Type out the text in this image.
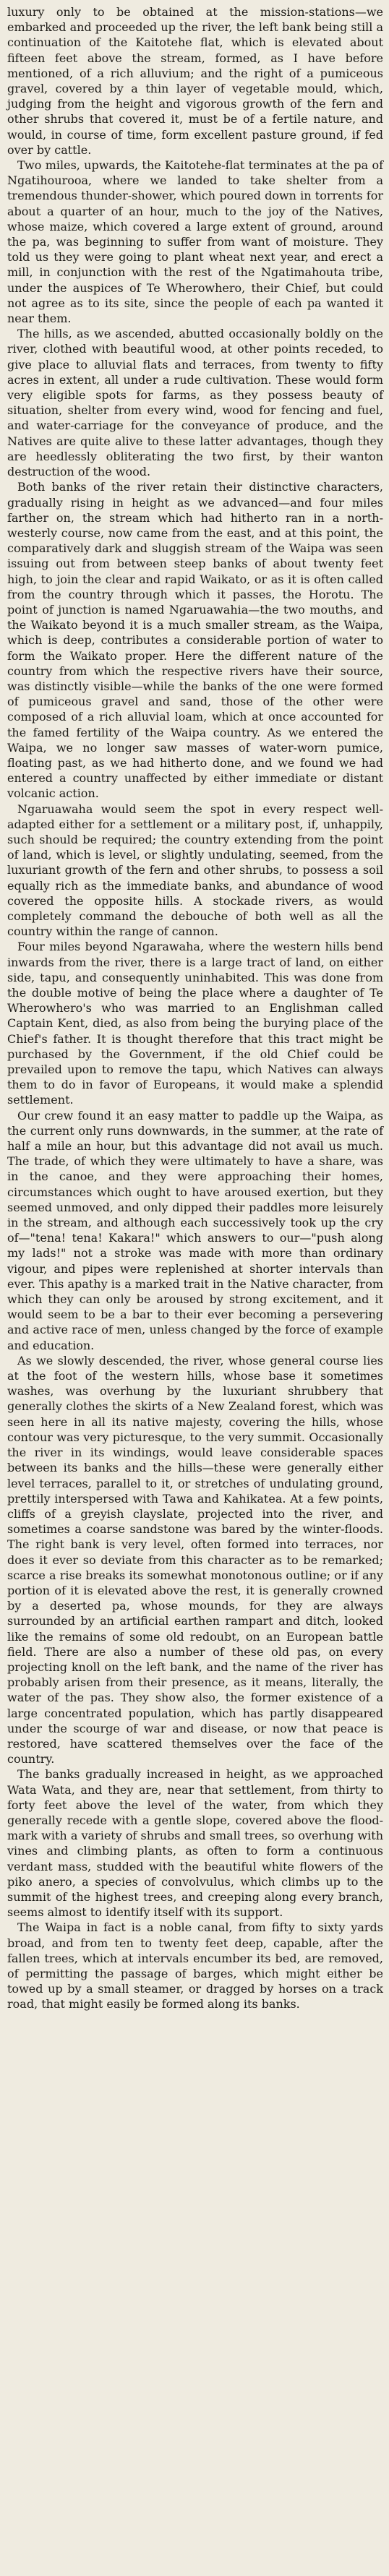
luxury only to be obtained at the mission-stations—we embarked and proceeded up the river, the left bank being still a continuation of the Kaitotehe flat, which is elevated about fifteen feet above the stream, formed, as I have before mentioned, of a rich alluvium; and the right of a pumiceous gravel, covered by a thin layer of vegetable mould, which, judging from the height and vigorous growth of the fern and other shrubs that covered it, must be of a fertile nature, and would, in course of time, form excellent pasture ground, if fed over by cattle.

Two miles, upwards, the Kaitotehe-flat terminates at the pa of Ngatihourooa, where we landed to take shelter from a tremendous thunder-shower, which poured down in torrents for about a quarter of an hour, much to the joy of the Natives, whose maize, which covered a large extent of ground, around the pa, was beginning to suffer from want of moisture. They told us they were going to plant wheat next year, and erect a mill, in conjunction with the rest of the Ngatimahouta tribe, under the auspices of Te Wherowhero, their Chief, but could not agree as to its site, since the people of each pa wanted it near them.

The hills, as we ascended, abutted occasionally boldly on the river, clothed with beautiful wood, at other points receded, to give place to alluvial flats and terraces, from twenty to fifty acres in extent, all under a rude cultivation. These would form very eligible spots for farms, as they possess beauty of situation, shelter from every wind, wood for fencing and fuel, and water-carriage for the conveyance of produce, and the Natives are quite alive to these latter advantages, though they are heedlessly obliterating the two first, by their wanton destruction of the wood.

Both banks of the river retain their distinctive characters, gradually rising in height as we advanced—and four miles farther on, the stream which had hitherto ran in a north-westerly course, now came from the east, and at this point, the comparatively dark and sluggish stream of the Waipa was seen issuing out from between steep banks of about twenty feet high, to join the clear and rapid Waikato, or as it is often called from the country through which it passes, the Horotu. The point of junction is named Ngaruawahia—the two mouths, and the Waikato beyond it is a much smaller stream, as the Waipa, which is deep, contributes a considerable portion of water to form the Waikato proper. Here the different nature of the country from which the respective rivers have their source, was distinctly visible—while the banks of the one were formed of pumiceous gravel and sand, those of the other were composed of a rich alluvial loam, which at once accounted for the famed fertility of the Waipa country. As we entered the Waipa, we no longer saw masses of water-worn pumice, floating past, as we had hitherto done, and we found we had entered a country unaffected by either immediate or distant volcanic action.

Ngaruawaha would seem the spot in every respect well-adapted either for a settlement or a military post, if, unhappily, such should be required; the country extending from the point of land, which is level, or slightly undulating, seemed, from the luxuriant growth of the fern and other shrubs, to possess a soil equally rich as the immediate banks, and abundance of wood covered the opposite hills. A stockade rivers, as would completely command the debouche of both well as all the country within the range of cannon.

Four miles beyond Ngarawaha, where the western hills bend inwards from the river, there is a large tract of land, on either side, tapu, and consequently uninhabited. This was done from the double motive of being the place where a daughter of Te Wherowhero's who was married to an Englishman called Captain Kent, died, as also from being the burying place of the Chief's father. It is thought therefore that this tract might be purchased by the Government, if the old Chief could be prevailed upon to remove the tapu, which Natives can always them to do in favor of Europeans, it would make a splendid settlement.

Our crew found it an easy matter to paddle up the Waipa, as the current only runs downwards, in the summer, at the rate of half a mile an hour, but this advantage did not avail us much. The trade, of which they were ultimately to have a share, was in the canoe, and they were approaching their homes, circumstances which ought to have aroused exertion, but they seemed unmoved, and only dipped their paddles more leisurely in the stream, and although each successively took up the cry of—"tena! tena! Kakara!" which answers to our—"push along my lads!" not a stroke was made with more than ordinary vigour, and pipes were replenished at shorter intervals than ever. This apathy is a marked trait in the Native character, from which they can only be aroused by strong excitement, and it would seem to be a bar to their ever becoming a persevering and active race of men, unless changed by the force of example and education.

As we slowly descended, the river, whose general course lies at the foot of the western hills, whose base it sometimes washes, was overhung by the luxuriant shrubbery that generally clothes the skirts of a New Zealand forest, which was seen here in all its native majesty, covering the hills, whose contour was very picturesque, to the very summit. Occasionally the river in its windings, would leave considerable spaces between its banks and the hills—these were generally either level terraces, parallel to it, or stretches of undulating ground, prettily interspersed with Tawa and Kahikatea. At a few points, cliffs of a greyish clayslate, projected into the river, and sometimes a coarse sandstone was bared by the winter-floods. The right bank is very level, often formed into terraces, nor does it ever so deviate from this character as to be remarked; scarce a rise breaks its somewhat monotonous outline; or if any portion of it is elevated above the rest, it is generally crowned by a deserted pa, whose mounds, for they are always surrounded by an artificial earthen rampart and ditch, looked like the remains of some old redoubt, on an European battle field. There are also a number of these old pas, on every projecting knoll on the left bank, and the name of the river has probably arisen from their presence, as it means, literally, the water of the pas. They show also, the former existence of a large concentrated population, which has partly disappeared under the scourge of war and disease, or now that peace is restored, have scattered themselves over the face of the country.

The banks gradually increased in height, as we approached Wata Wata, and they are, near that settlement, from thirty to forty feet above the level of the water, from which they generally recede with a gentle slope, covered above the flood-mark with a variety of shrubs and small trees, so overhung with vines and climbing plants, as often to form a continuous verdant mass, studded with the beautiful white flowers of the piko anero, a species of convolvulus, which climbs up to the summit of the highest trees, and creeping along every branch, seems almost to identify itself with its support.

The Waipa in fact is a noble canal, from fifty to sixty yards broad, and from ten to twenty feet deep, capable, after the fallen trees, which at intervals encumber its bed, are removed, of permitting the passage of barges, which might either be towed up by a small steamer, or dragged by horses on a track road, that might easily be formed along its banks.
